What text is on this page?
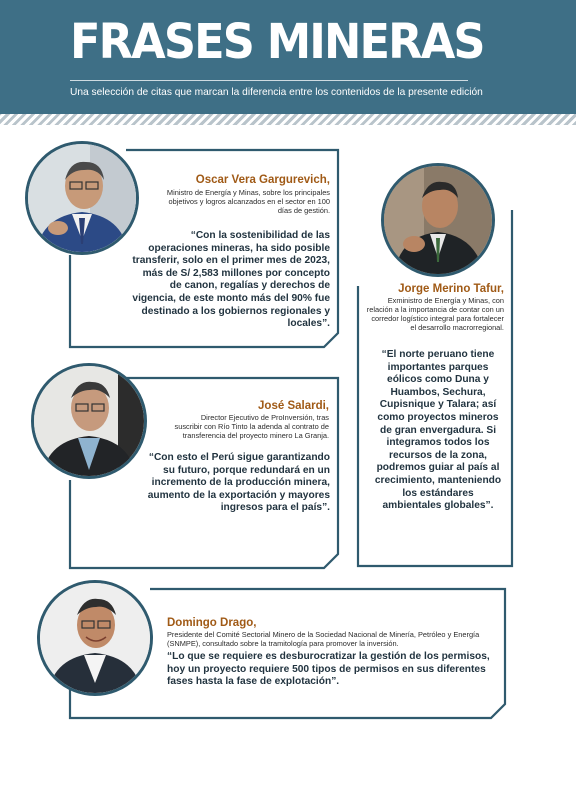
FRASES MINERAS
Una selección de citas que marcan la diferencia entre los contenidos de la presente edición
Oscar Vera Gargurevich,
Ministro de Energía y Minas, sobre los principales objetivos y logros alcanzados en el sector en 100 días de gestión.
“Con la sostenibilidad de las operaciones mineras, ha sido posible transferir, solo en el primer mes de 2023, más de S/ 2,583 millones por concepto de canon, regalías y derechos de vigencia, de este monto más del 90% fue destinado a los gobiernos regionales y locales”.
Jorge Merino Tafur,
Exministro de Energía y Minas, con relación a la importancia de contar con un corredor logístico integral para fortalecer el desarrollo macrorregional.
“El norte peruano tiene importantes parques eólicos como Duna y Huambos, Sechura, Cupisnique y Talara; así como proyectos mineros de gran envergadura. Si integramos todos los recursos de la zona, podremos guiar al país al crecimiento, manteniendo los estándares ambientales globales”.
José Salardi,
Director Ejecutivo de ProInversión, tras suscribir con Río Tinto la adenda al contrato de transferencia del proyecto minero La Granja.
“Con esto el Perú sigue garantizando su futuro, porque redundará en un incremento de la producción minera, aumento de la exportación y mayores ingresos para el país”.
Domingo Drago,
Presidente del Comité Sectorial Minero de la Sociedad Nacional de Minería, Petróleo y Energía (SNMPE), consultado sobre la tramitología para promover la inversión.
“Lo que se requiere es desburocratizar la gestión de los permisos, hoy un proyecto requiere 500 tipos de permisos en sus diferentes fases hasta la fase de explotación”.
